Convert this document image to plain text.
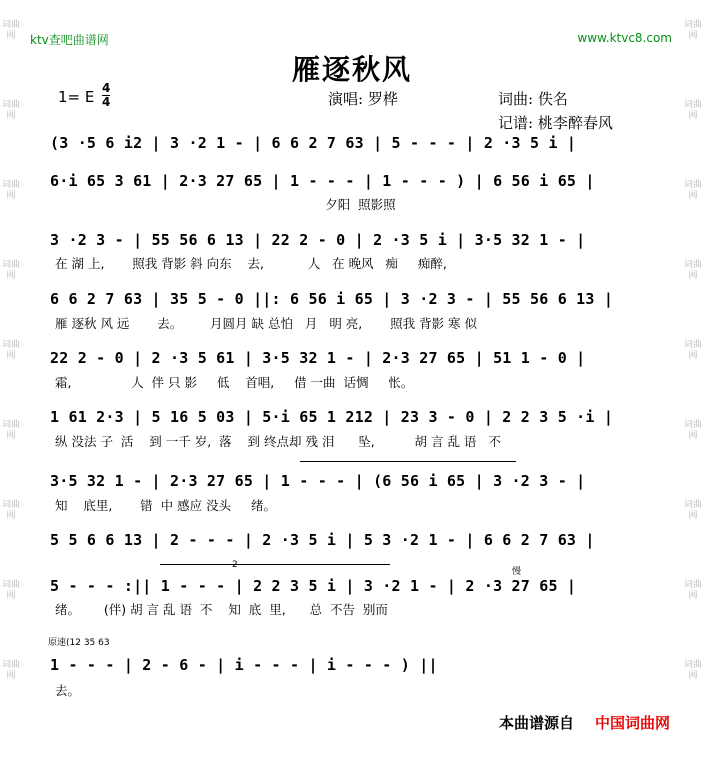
词曲网
词曲网
词曲网
词曲网
词曲网
词曲网
词曲网
词曲网
词曲网
词曲网
词曲网
词曲网
词曲网
词曲网
词曲网
词曲网
词曲网
词曲网
ktv查吧曲谱网	www.ktvc8.com
雁逐秋风
1= E 4
4	演唱: 罗桦	词曲: 佚名
记谱: 桃李醉春风
(3 ·5 6 i2 | 3 ·2 1 - | 6 6 2 7 63 | 5 - - - | 2 ·3 5 i |
6·i 65 3 61 | 2·3 27 65 | 1 - - - | 1 - - - ) | 6 56 i 65 |
夕阳  照影照
3 ·2 3 - | 55 56 6 13 | 22 2 - 0 | 2 ·3 5 i | 3·5 32 1 - |
在 湖 上,       照我 背影 斜 向东    去,           人   在 晚风   痴     痴醉,
6 6 2 7 63 | 35 5 - 0 ||: 6 56 i 65 | 3 ·2 3 - | 55 56 6 13 |
雁 逐秋 风 远       去。       月圆月 缺 总怕   月   明 亮,       照我 背影 寒 似
22 2 - 0 | 2 ·3 5 61 | 3·5 32 1 - | 2·3 27 65 | 51 1 - 0 |
霜,               人  伴 只 影     低    首唱,     借 一曲  话惆     怅。
1 61 2·3 | 5 16 5 03 | 5·i 65 1 212 | 23 3 - 0 | 2 2 3 5 ·i |
纵 没法 子  活    到 一千 岁,  落    到 终点却 残 泪      坠,          胡 言 乱 语   不
3·5 32 1 - | 2·3 27 65 | 1 - - - | (6 56 i 65 | 3 ·2 3 - |
知    底里,       错  中 感应 没头     绪。
5 5 6 6 13 | 2 - - - | 2 ·3 5 i | 5 3 ·2 1 - | 6 6 2 7 63 |
5 - - - :|| 1 - - - | 2 2 3 5 i | 3 ·2 1 - | 2 ·3 27 65 |
绪。      (伴) 胡 言 乱 语  不    知  底  里,      总  不告  别而
原速(12 35 63
慢
2
1 - - - | 2 - 6 - | i - - - | i - - - ) ||
去。
本曲谱源自 中国词曲网
